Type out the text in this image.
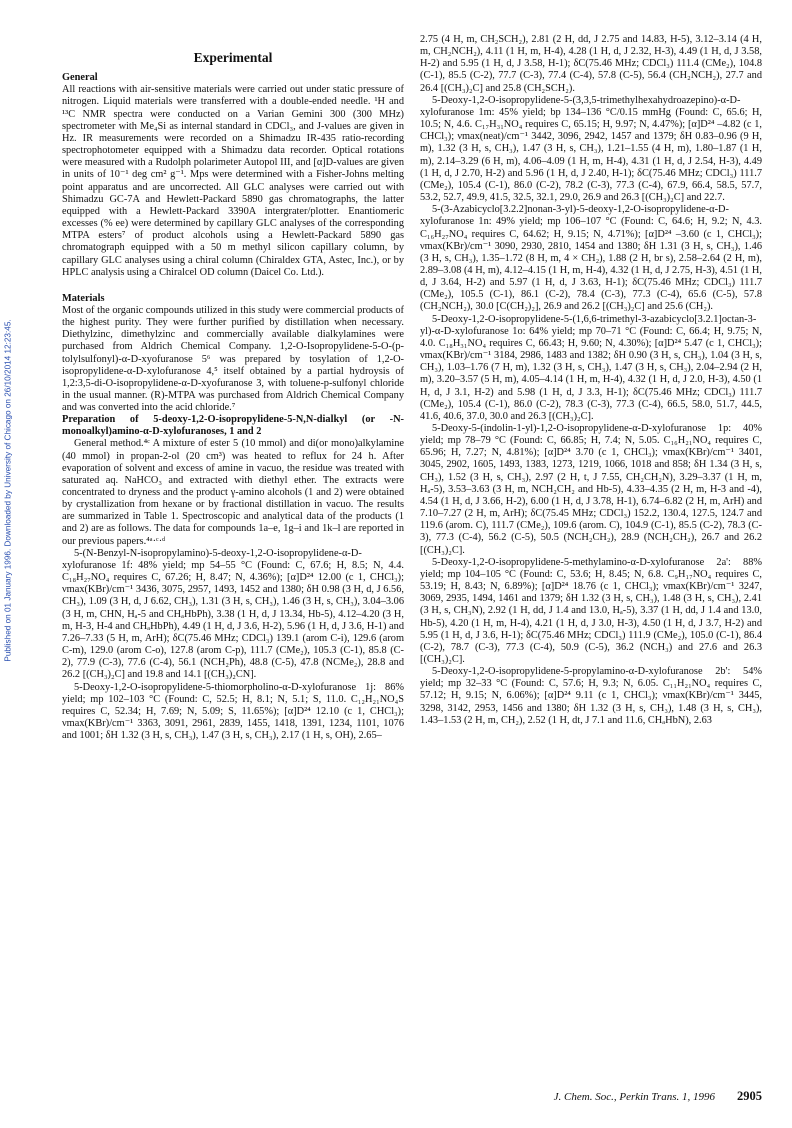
Published on 01 January 1996. Downloaded by University of Chicago on 26/10/2014 12:23:45.
Experimental

General

All reactions with air-sensitive materials were carried out under static pressure of nitrogen. Liquid materials were transferred with a double-ended needle. ¹H and ¹³C NMR spectra were conducted on a Varian Gemini 300 (300 MHz) spectrometer with Me₄Si as internal standard in CDCl₃, and J-values are given in Hz. IR measurements were recorded on a Shimadzu IR-435 ratio-recording spectrophotometer equipped with a Shimadzu data recorder. Optical rotations were measured with a Rudolph polarimeter Autopol III, and [α]D-values are given in units of 10⁻¹ deg cm² g⁻¹. Mps were determined with a Fisher-Johns melting point apparatus and are uncorrected. All GLC analyses were carried out with Shimadzu GC-7A and Hewlett-Packard 5890 gas chromatographs, the latter equipped with a Hewlett-Packard 3390A intergrater/plotter. Enantiomeric excesses (% ee) were determined by capillary GLC analyses of the corresponding MTPA esters⁷ of product alcohols using a Hewlett-Packard 5890 gas chromatograph equipped with a 50 m methyl silicon capillary column, by capillary GLC analyses using a chiral column (Chiraldex GTA, Astec, Inc.), or by HPLC analysis using a Chiralcel OD column (Daicel Co. Ltd.).

Materials

Most of the organic compounds utilized in this study were commercial products of the highest purity. They were further purified by distillation when necessary. Diethylzinc, dimethylzinc and commercially available dialkylamines were purchased from Aldrich Chemical Company. 1,2-O-Isopropylidene-5-O-(p-tolylsulfonyl)-α-D-xyofuranose 5⁶ was prepared by tosylation of 1,2-O-isopropylidene-α-D-xylofuranose 4,⁵ itself obtained by a partial hydroysis of 1,2:3,5-di-O-isopropylidene-α-D-xyofuranose 3, with toluene-p-sulfonyl chloride in the usual manner. (R)-MTPA was purchased from Aldrich Chemical Company and was converted into the acid chloride.⁷

Preparation of 5-deoxy-1,2-O-isopropylidene-5-N,N-dialkyl (or -N-monoalkyl)amino-α-D-xylofuranoses, 1 and 2

General method.⁴ᶜ A mixture of ester 5 (10 mmol) and di(or mono)alkylamine (40 mmol) in propan-2-ol (20 cm³) was heated to reflux for 24 h. After evaporation of solvent and excess of amine in vacuo, the residue was treated with saturated aq. NaHCO₃ and extracted with diethyl ether. The extracts were concentrated to dryness and the product γ-amino alcohols (1 and 2) were obtained by crystallization from hexane or by fractional distillation in vacuo. The results are summarized in Table 1. Spectroscopic and analytical data of the products (1 and 2) are as follows. The data for compounds 1a–e, 1g–i and 1k–l are reported in our previous papers.⁴ᵃ·ᶜ·ᵈ

5-(N-Benzyl-N-isopropylamino)-5-deoxy-1,2-O-isopropylidene-α-D-xylofuranose 1f: 48% yield; mp 54–55 °C (Found: C, 67.6; H, 8.5; N, 4.4. C₁₈H₂₇NO₄ requires C, 67.26; H, 8.47; N, 4.36%); [α]D²⁴ 12.00 (c 1, CHCl₃); νmax(KBr)/cm⁻¹ 3436, 3075, 2957, 1493, 1452 and 1380; δH 0.98 (3 H, d, J 6.56, CH₃), 1.09 (3 H, d, J 6.62, CH₃), 1.31 (3 H, s, CH₃), 1.46 (3 H, s, CH₃), 3.04–3.06 (3 H, m, CHN, Hₐ-5 and CHₐHbPh), 3.38 (1 H, d, J 13.34, Hb-5), 4.12–4.20 (3 H, m, H-3, H-4 and CHₐHbPh), 4.49 (1 H, d, J 3.6, H-2), 5.96 (1 H, d, J 3.6, H-1) and 7.26–7.33 (5 H, m, ArH); δC(75.46 MHz; CDCl₃) 139.1 (arom C-i), 129.6 (arom C-m), 129.0 (arom C-o), 127.8 (arom C-p), 111.7 (CMe₂), 105.3 (C-1), 85.8 (C-2), 77.9 (C-3), 77.6 (C-4), 56.1 (NCH₂Ph), 48.8 (C-5), 47.8 (NCMe₂), 28.8 and 26.2 [(CH₃)₂C] and 19.8 and 14.1 [(CH₃)₂CN].

5-Deoxy-1,2-O-isopropylidene-5-thiomorpholino-α-D-xylofuranose 1j: 86% yield; mp 102–103 °C (Found: C, 52.5; H, 8.1; N, 5.1; S, 11.0. C₁₂H₂₁NO₄S requires C, 52.34; H, 7.69; N, 5.09; S, 11.65%); [α]D²⁴ 12.10 (c 1, CHCl₃); νmax(KBr)/cm⁻¹ 3363, 3091, 2961, 2839, 1455, 1418, 1391, 1234, 1101, 1076 and 1001; δH 1.32 (3 H, s, CH₃), 1.47 (3 H, s, CH₃), 2.17 (1 H, s, OH), 2.65–

2.75 (4 H, m, CH₂SCH₂), 2.81 (2 H, dd, J 2.75 and 14.83, H-5), 3.12–3.14 (4 H, m, CH₂NCH₂), 4.11 (1 H, m, H-4), 4.28 (1 H, d, J 2.32, H-3), 4.49 (1 H, d, J 3.58, H-2) and 5.95 (1 H, d, J 3.58, H-1); δC(75.46 MHz; CDCl₃) 111.4 (CMe₂), 104.8 (C-1), 85.5 (C-2), 77.7 (C-3), 77.4 (C-4), 57.8 (C-5), 56.4 (CH₂NCH₂), 27.7 and 26.4 [(CH₃)₂C] and 25.8 (CH₂SCH₂).

5-Deoxy-1,2-O-isopropylidene-5-(3,3,5-trimethylhexahydroazepino)-α-D-xylofuranose 1m: 45% yield; bp 134–136 °C/0.15 mmHg (Found: C, 65.6; H, 10.5; N, 4.6. C₁₇H₃₁NO₄ requires C, 65.15; H, 9.97; N, 4.47%); [α]D²⁴ –4.82 (c 1, CHCl₃); νmax(neat)/cm⁻¹ 3442, 3096, 2942, 1457 and 1379; δH 0.83–0.96 (9 H, m), 1.32 (3 H, s, CH₃), 1.47 (3 H, s, CH₃), 1.21–1.55 (4 H, m), 1.80–1.87 (1 H, m), 2.14–3.29 (6 H, m), 4.06–4.09 (1 H, m, H-4), 4.31 (1 H, d, J 2.54, H-3), 4.49 (1 H, d, J 2.70, H-2) and 5.96 (1 H, d, J 2.40, H-1); δC(75.46 MHz; CDCl₃) 111.7 (CMe₂), 105.4 (C-1), 86.0 (C-2), 78.2 (C-3), 77.3 (C-4), 67.9, 66.4, 58.5, 57.7, 53.2, 52.7, 49.9, 41.5, 32.5, 32.1, 29.0, 26.9 and 26.3 [(CH₃)₂C] and 22.7.

5-(3-Azabicyclo[3.2.2]nonan-3-yl)-5-deoxy-1,2-O-isopropylidene-α-D-xylofuranose 1n: 49% yield; mp 106–107 °C (Found: C, 64.6; H, 9.2; N, 4.3. C₁₆H₂₇NO₄ requires C, 64.62; H, 9.15; N, 4.71%); [α]D²⁴ –3.60 (c 1, CHCl₃); νmax(KBr)/cm⁻¹ 3090, 2930, 2810, 1454 and 1380; δH 1.31 (3 H, s, CH₃), 1.46 (3 H, s, CH₃), 1.35–1.72 (8 H, m, 4 × CH₂), 1.88 (2 H, br s), 2.58–2.64 (2 H, m), 2.89–3.08 (4 H, m), 4.12–4.15 (1 H, m, H-4), 4.32 (1 H, d, J 2.75, H-3), 4.51 (1 H, d, J 3.64, H-2) and 5.97 (1 H, d, J 3.63, H-1); δC(75.46 MHz; CDCl₃) 111.7 (CMe₂), 105.5 (C-1), 86.1 (C-2), 78.4 (C-3), 77.3 (C-4), 65.6 (C-5), 57.8 (CH₂NCH₂), 30.0 [C(CH₂)₂], 26.9 and 26.2 [(CH₃)₂C] and 25.6 (CH₂).

5-Deoxy-1,2-O-isopropylidene-5-(1,6,6-trimethyl-3-azabicyclo[3.2.1]octan-3-yl)-α-D-xylofuranose 1o: 64% yield; mp 70–71 °C (Found: C, 66.4; H, 9.75; N, 4.0. C₁₈H₃₁NO₄ requires C, 66.43; H, 9.60; N, 4.30%); [α]D²⁴ 5.47 (c 1, CHCl₃); νmax(KBr)/cm⁻¹ 3184, 2986, 1483 and 1382; δH 0.90 (3 H, s, CH₃), 1.04 (3 H, s, CH₃), 1.03–1.76 (7 H, m), 1.32 (3 H, s, CH₃), 1.47 (3 H, s, CH₃), 2.04–2.94 (2 H, m), 3.20–3.57 (5 H, m), 4.05–4.14 (1 H, m, H-4), 4.32 (1 H, d, J 2.0, H-3), 4.50 (1 H, d, J 3.1, H-2) and 5.98 (1 H, d, J 3.3, H-1); δC(75.46 MHz; CDCl₃) 111.7 (CMe₂), 105.4 (C-1), 86.0 (C-2), 78.3 (C-3), 77.3 (C-4), 66.5, 58.0, 51.7, 44.5, 41.6, 40.6, 37.0, 30.0 and 26.3 [(CH₃)₂C].

5-Deoxy-5-(indolin-1-yl)-1,2-O-isopropylidene-α-D-xylofuranose 1p: 40% yield; mp 78–79 °C (Found: C, 66.85; H, 7.4; N, 5.05. C₁₆H₂₁NO₄ requires C, 65.96; H, 7.27; N, 4.81%); [α]D²⁴ 3.70 (c 1, CHCl₃); νmax(KBr)/cm⁻¹ 3401, 3045, 2902, 1605, 1493, 1383, 1273, 1219, 1066, 1018 and 858; δH 1.34 (3 H, s, CH₃), 1.52 (3 H, s, CH₃), 2.97 (2 H, t, J 7.55, CH₂CH₂N), 3.29–3.37 (1 H, m, Hₐ-5), 3.53–3.63 (3 H, m, NCH₂CH₂ and Hb-5), 4.33–4.35 (2 H, m, H-3 and -4), 4.54 (1 H, d, J 3.66, H-2), 6.00 (1 H, d, J 3.78, H-1), 6.74–6.82 (2 H, m, ArH) and 7.10–7.27 (2 H, m, ArH); δC(75.45 MHz; CDCl₃) 152.2, 130.4, 127.5, 124.7 and 119.6 (arom. C), 111.7 (CMe₂), 109.6 (arom. C), 104.9 (C-1), 85.5 (C-2), 78.3 (C-3), 77.3 (C-4), 56.2 (C-5), 50.5 (NCH₂CH₂), 28.9 (NCH₂CH₂), 26.7 and 26.2 [(CH₃)₂C].

5-Deoxy-1,2-O-isopropylidene-5-methylamino-α-D-xylofuranose 2a': 88% yield; mp 104–105 °C (Found: C, 53.6; H, 8.45; N, 6.8. C₉H₁₇NO₄ requires C, 53.19; H, 8.43; N, 6.89%); [α]D²⁴ 18.76 (c 1, CHCl₃); νmax(KBr)/cm⁻¹ 3247, 3069, 2935, 1494, 1461 and 1379; δH 1.32 (3 H, s, CH₃), 1.48 (3 H, s, CH₃), 2.41 (3 H, s, CH₃N), 2.92 (1 H, dd, J 1.4 and 13.0, Hₐ-5), 3.37 (1 H, dd, J 1.4 and 13.0, Hb-5), 4.20 (1 H, m, H-4), 4.21 (1 H, d, J 3.0, H-3), 4.50 (1 H, d, J 3.7, H-2) and 5.95 (1 H, d, J 3.6, H-1); δC(75.46 MHz; CDCl₃) 111.9 (CMe₂), 105.0 (C-1), 86.4 (C-2), 78.7 (C-3), 77.3 (C-4), 50.9 (C-5), 36.2 (NCH₃) and 27.6 and 26.3 [(CH₃)₂C].

5-Deoxy-1,2-O-isopropylidene-5-propylamino-α-D-xylofuranose 2b': 54% yield; mp 32–33 °C (Found: C, 57.6; H, 9.3; N, 6.05. C₁₁H₂₁NO₄ requires C, 57.12; H, 9.15; N, 6.06%); [α]D²⁴ 9.11 (c 1, CHCl₃); νmax(KBr)/cm⁻¹ 3445, 3298, 3142, 2953, 1456 and 1380; δH 1.32 (3 H, s, CH₃), 1.48 (3 H, s, CH₃), 1.43–1.53 (2 H, m, CH₂), 2.52 (1 H, dt, J 7.1 and 11.6, CHₐHbN), 2.63

J. Chem. Soc., Perkin Trans. 1, 1996 2905
